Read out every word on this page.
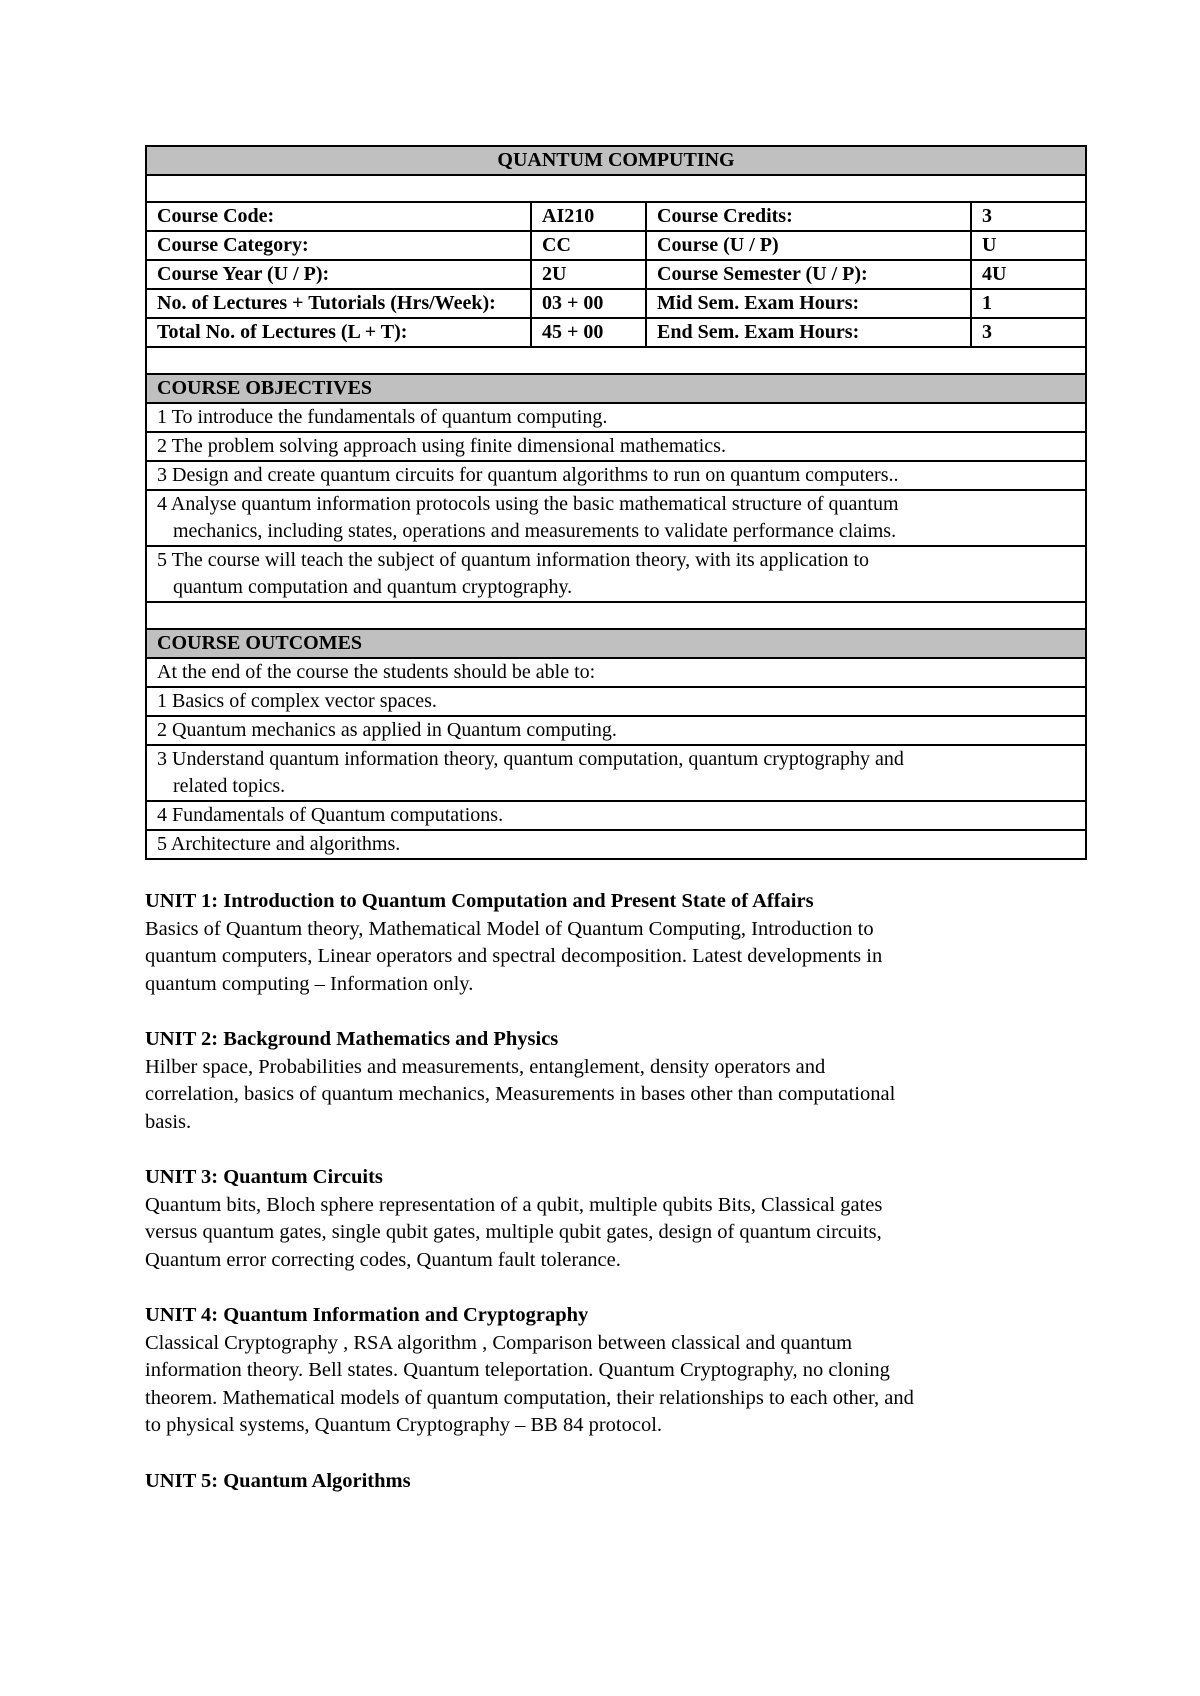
QUANTUM COMPUTING			

Course Code:	AI210	Course Credits:	3
Course Category:	CC	Course (U / P)	U
Course Year (U / P):	2U	Course Semester (U / P):	4U
No. of Lectures + Tutorials (Hrs/Week):	03 + 00	Mid Sem. Exam Hours:	1
Total No. of Lectures (L + T):	45 + 00	End Sem. Exam Hours:	3

COURSE OBJECTIVES			
1 To introduce the fundamentals of quantum computing.			
2 The problem solving approach using finite dimensional mathematics.			
3 Design and create quantum circuits for quantum algorithms to run on quantum computers..			
4 Analyse quantum information protocols using the basic mathematical structure of quantum
mechanics, including states, operations and measurements to validate performance claims.			

5 The course will teach the subject of quantum information theory, with its application to
quantum computation and quantum cryptography.			

COURSE OUTCOMES			
At the end of the course the students should be able to:			
1 Basics of complex vector spaces.			
2 Quantum mechanics as applied in Quantum computing.			
3 Understand quantum information theory, quantum computation, quantum cryptography and
related topics.			

4 Fundamentals of Quantum computations.			
5 Architecture and algorithms.			
UNIT 1: Introduction to Quantum Computation and Present State of Affairs
Basics of Quantum theory, Mathematical Model of Quantum Computing, Introduction to
quantum computers, Linear operators and spectral decomposition. Latest developments in
quantum computing – Information only.
UNIT 2: Background Mathematics and Physics
Hilber space, Probabilities and measurements, entanglement, density operators and
correlation, basics of quantum mechanics, Measurements in bases other than computational
basis.
UNIT 3: Quantum Circuits
Quantum bits, Bloch sphere representation of a qubit, multiple qubits Bits, Classical gates
versus quantum gates, single qubit gates, multiple qubit gates, design of quantum circuits,
Quantum error correcting codes, Quantum fault tolerance.
UNIT 4: Quantum Information and Cryptography
Classical Cryptography , RSA algorithm , Comparison between classical and quantum
information theory. Bell states. Quantum teleportation. Quantum Cryptography, no cloning
theorem. Mathematical models of quantum computation, their relationships to each other, and
to physical systems, Quantum Cryptography – BB 84 protocol.
UNIT 5: Quantum Algorithms
